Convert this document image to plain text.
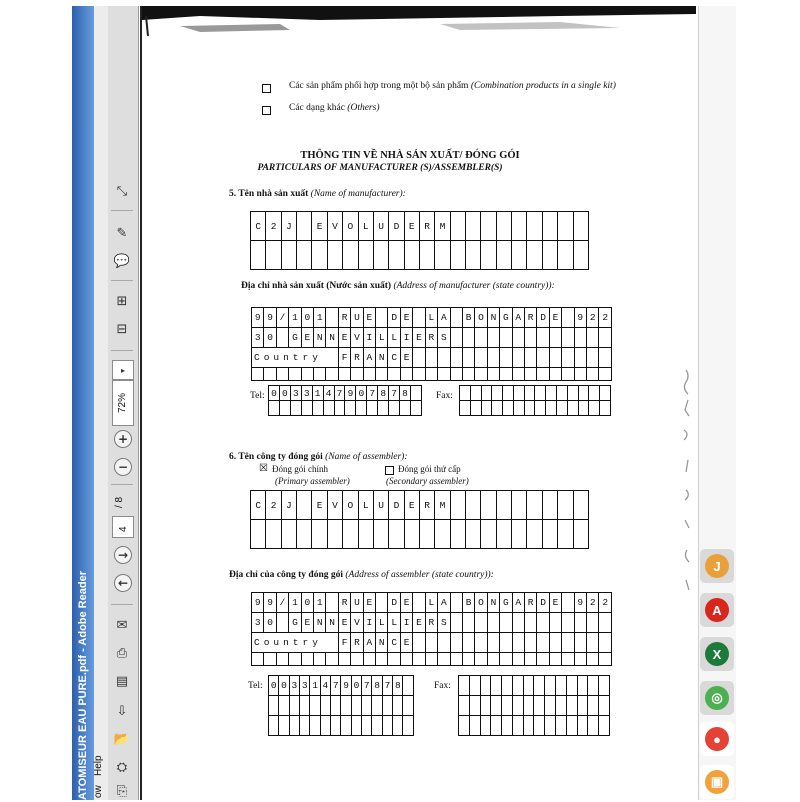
ATOMISEUR EAU PURE.pdf - Adobe Reader Help
ow
⤡
✎
💬
⊞
⊟
▸
72%
+
−
/ 8
4
→
←
✉
⎙
▤
⇩
📂
⛭
⎘
Các sản phẩm phối hợp trong một bộ sản phẩm (Combination products in a single kit)
Các dạng khác (Others)
THÔNG TIN VỀ NHÀ SẢN XUẤT/ ĐÓNG GÓI
PARTICULARS OF MANUFACTURER (S)/ASSEMBLER(S)
5. Tên nhà sản xuất (Name of manufacturer):
C	2	J		E	V	O	L	U	D	E	R	M									

Địa chỉ nhà sản xuất (Nước sản xuất) (Address of manufacturer (state country)):
9	9	/	1	0	1		R	U	E		D	E		L	A		B	O	N	G	A	R	D	E		9	2	2
3	0		G	E	N	N	E	V	I	L	L	I	E	R	S													
Country							F	R	A	N	C	E																

Tel: 0	0	3	3	1	4	7	9	0	7	8	7	8	
														Fax:

6. Tên công ty đóng gói (Name of assembler):
☒ Đóng gói chính
(Primary assembler)
Đóng gói thứ cấp
(Secondary assembler)
C	2	J		E	V	O	L	U	D	E	R	M									

Địa chỉ của công ty đóng gói (Address of assembler (state country)):
9	9	/	1	0	1		R	U	E		D	E		L	A		B	O	N	G	A	R	D	E		9	2	2
3	0		G	E	N	N	E	V	I	L	L	I	E	R	S													
Country							F	R	A	N	C	E																

Tel: 0	0	3	3	1	4	7	9	0	7	8	7	8	

														Fax:

J
A
X
◎
●
▣
